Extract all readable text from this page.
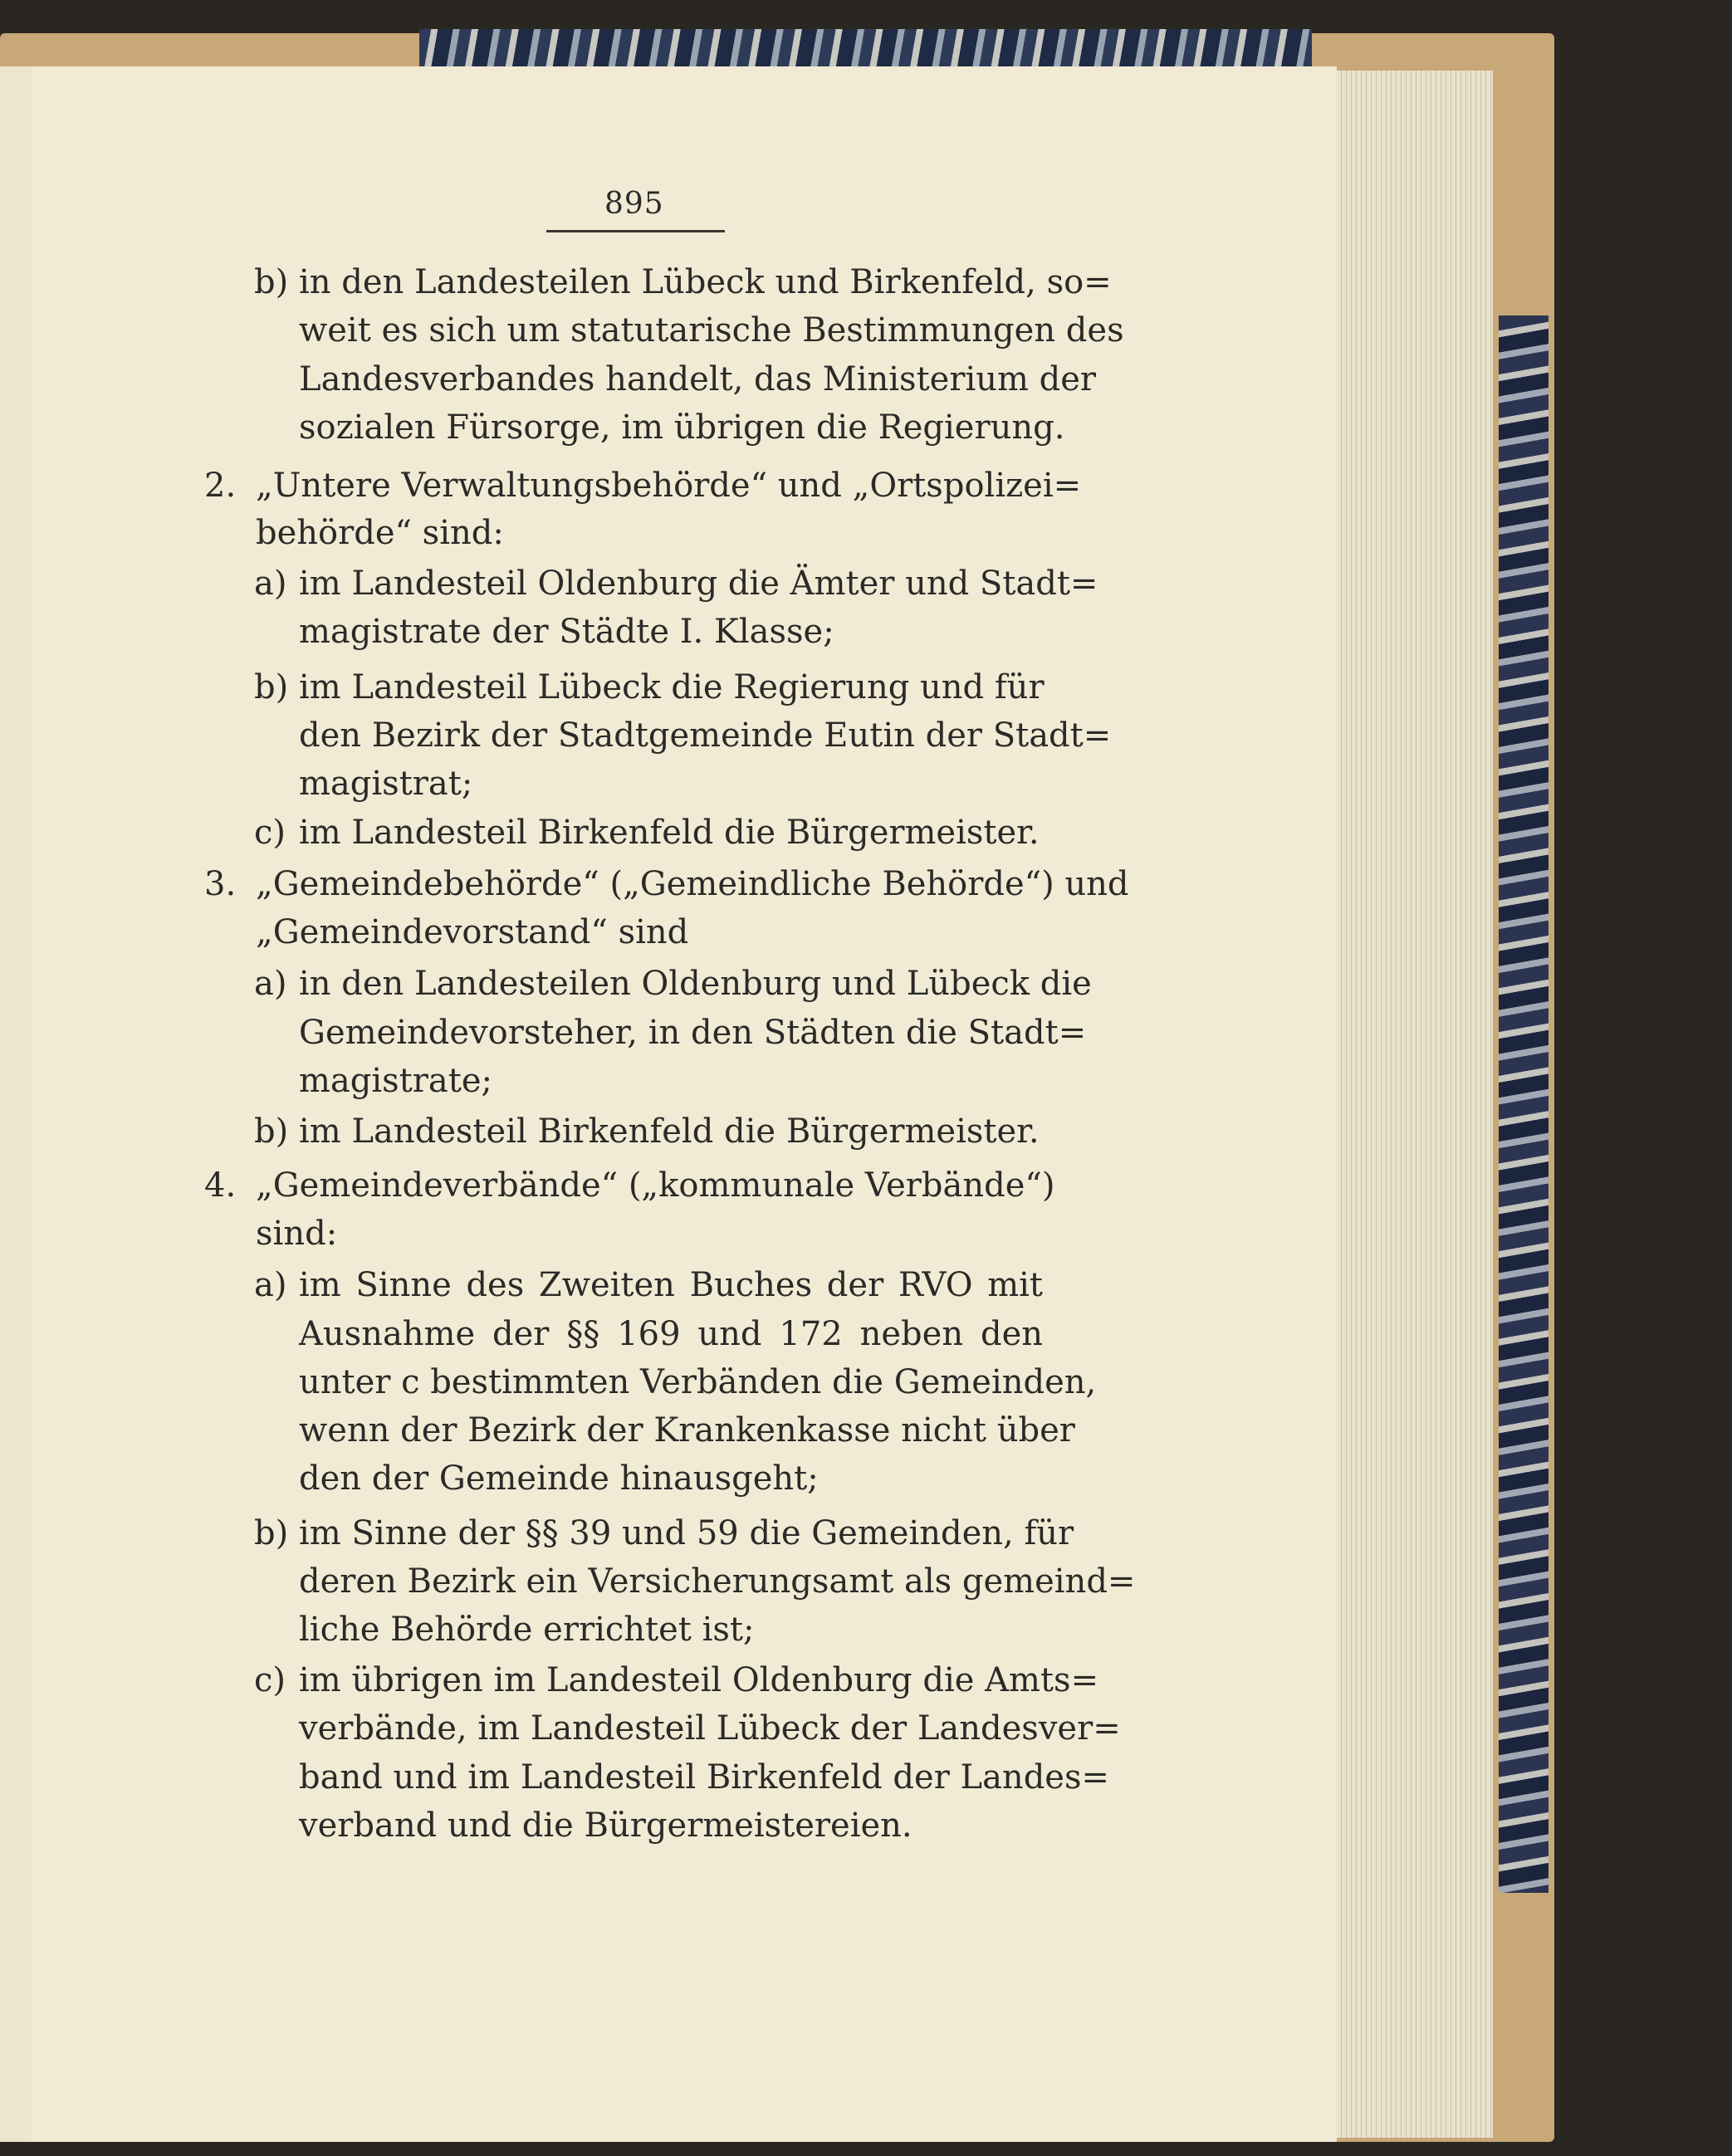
895
b) in den Landesteilen Lübeck und Birkenfeld, so=
weit es sich um statutarische Bestimmungen des
Landesverbandes handelt, das Ministerium der
sozialen Fürsorge, im übrigen die Regierung.
2. „Untere Verwaltungsbehörde“ und „Ortspolizei=
behörde“ sind:
a) im Landesteil Oldenburg die Ämter und Stadt=
magistrate der Städte I. Klasse;
b) im Landesteil Lübeck die Regierung und für
den Bezirk der Stadtgemeinde Eutin der Stadt=
magistrat;
c) im Landesteil Birkenfeld die Bürgermeister.
3. „Gemeindebehörde“ („Gemeindliche Behörde“) und
„Gemeindevorstand“ sind
a) in den Landesteilen Oldenburg und Lübeck die
Gemeindevorsteher, in den Städten die Stadt=
magistrate;
b) im Landesteil Birkenfeld die Bürgermeister.
4. „Gemeindeverbände“ („kommunale Verbände“)
sind:
a) im Sinne des Zweiten Buches der RVO mit
Ausnahme der §§ 169 und 172 neben den
unter c bestimmten Verbänden die Gemeinden,
wenn der Bezirk der Krankenkasse nicht über
den der Gemeinde hinausgeht;
b) im Sinne der §§ 39 und 59 die Gemeinden, für
deren Bezirk ein Versicherungsamt als gemeind=
liche Behörde errichtet ist;
c) im übrigen im Landesteil Oldenburg die Amts=
verbände, im Landesteil Lübeck der Landesver=
band und im Landesteil Birkenfeld der Landes=
verband und die Bürgermeistereien.
